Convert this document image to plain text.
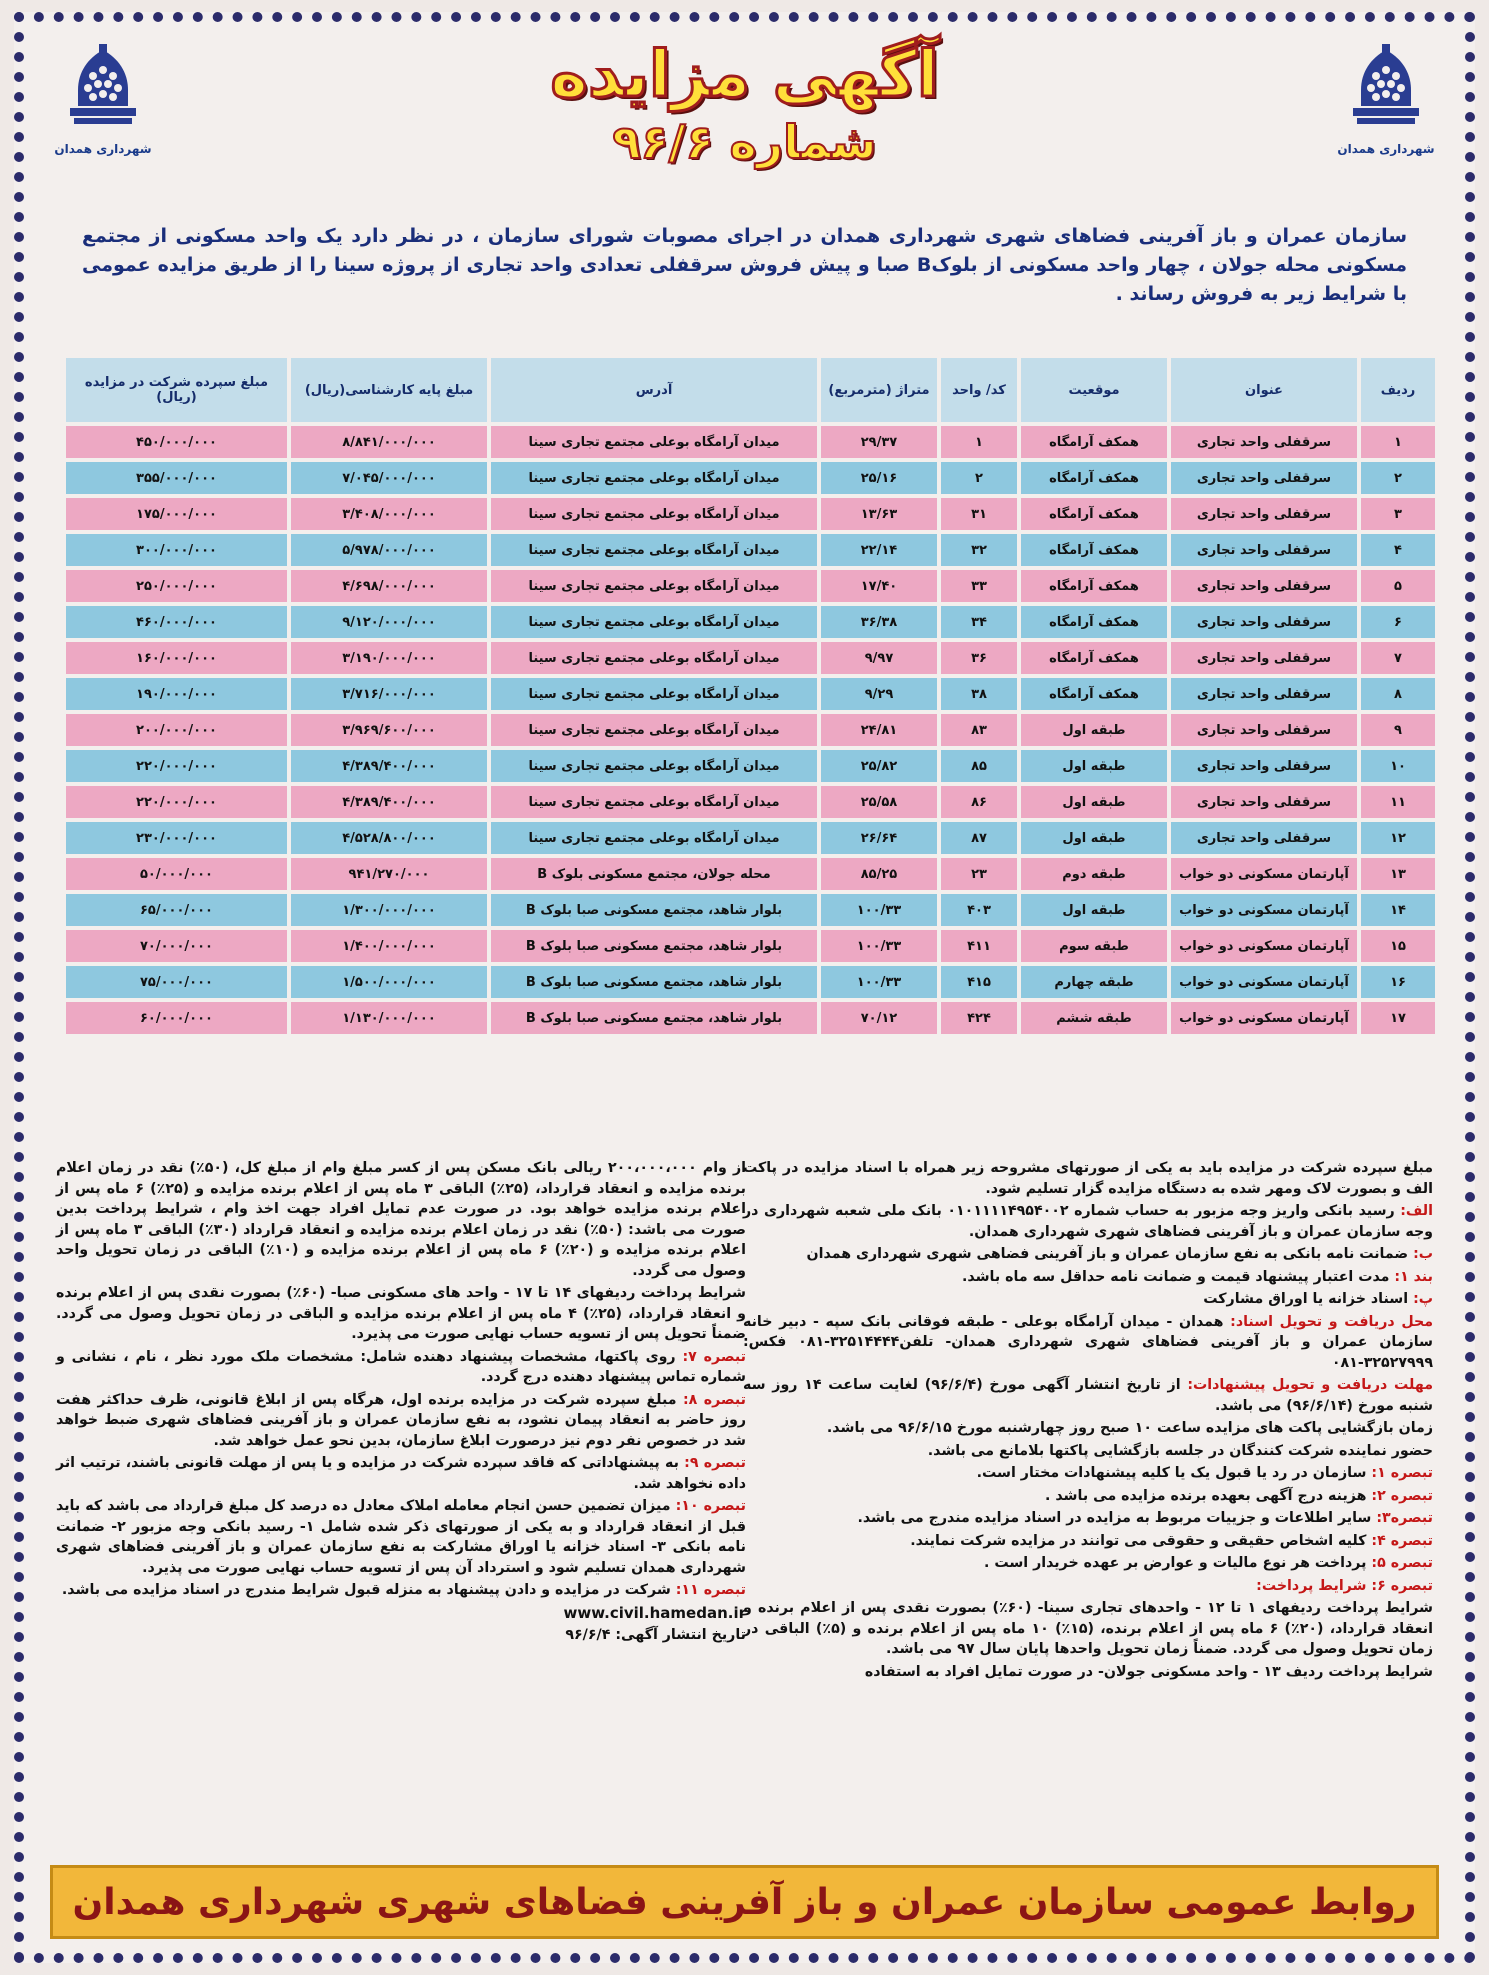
شهرداری همدان
شهرداری همدان
آگهی مزایده
شماره ۹۶/۶
سازمان عمران و باز آفرینی فضاهای شهری شهرداری همدان در اجرای مصوبات شورای سازمان ، در نظر دارد یک واحد مسکونی از مجتمع مسکونی محله جولان ، چهار واحد مسکونی از بلوکB صبا و پیش فروش سرقفلی تعدادی واحد تجاری از پروژه سینا را از طریق مزایده عمومی با شرایط زیر به فروش رساند .
ردیف	عنوان	موقعیت	کد/ واحد	متراژ (مترمربع)	آدرس	مبلغ پایه کارشناسی(ریال)	مبلغ سپرده شرکت در مزایده (ریال)
۱	سرقفلی واحد تجاری	همکف آرامگاه	۱	۲۹/۳۷	میدان آرامگاه بوعلی مجتمع تجاری سینا	۸/۸۴۱/۰۰۰/۰۰۰	۴۵۰/۰۰۰/۰۰۰
۲	سرقفلی واحد تجاری	همکف آرامگاه	۲	۲۵/۱۶	میدان آرامگاه بوعلی مجتمع تجاری سینا	۷/۰۴۵/۰۰۰/۰۰۰	۳۵۵/۰۰۰/۰۰۰
۳	سرقفلی واحد تجاری	همکف آرامگاه	۳۱	۱۳/۶۳	میدان آرامگاه بوعلی مجتمع تجاری سینا	۳/۴۰۸/۰۰۰/۰۰۰	۱۷۵/۰۰۰/۰۰۰
۴	سرقفلی واحد تجاری	همکف آرامگاه	۳۲	۲۲/۱۴	میدان آرامگاه بوعلی مجتمع تجاری سینا	۵/۹۷۸/۰۰۰/۰۰۰	۳۰۰/۰۰۰/۰۰۰
۵	سرقفلی واحد تجاری	همکف آرامگاه	۳۳	۱۷/۴۰	میدان آرامگاه بوعلی مجتمع تجاری سینا	۴/۶۹۸/۰۰۰/۰۰۰	۲۵۰/۰۰۰/۰۰۰
۶	سرقفلی واحد تجاری	همکف آرامگاه	۳۴	۳۶/۳۸	میدان آرامگاه بوعلی مجتمع تجاری سینا	۹/۱۲۰/۰۰۰/۰۰۰	۴۶۰/۰۰۰/۰۰۰
۷	سرقفلی واحد تجاری	همکف آرامگاه	۳۶	۹/۹۷	میدان آرامگاه بوعلی مجتمع تجاری سینا	۳/۱۹۰/۰۰۰/۰۰۰	۱۶۰/۰۰۰/۰۰۰
۸	سرقفلی واحد تجاری	همکف آرامگاه	۳۸	۹/۲۹	میدان آرامگاه بوعلی مجتمع تجاری سینا	۳/۷۱۶/۰۰۰/۰۰۰	۱۹۰/۰۰۰/۰۰۰
۹	سرقفلی واحد تجاری	طبقه اول	۸۳	۲۴/۸۱	میدان آرامگاه بوعلی مجتمع تجاری سینا	۳/۹۶۹/۶۰۰/۰۰۰	۲۰۰/۰۰۰/۰۰۰
۱۰	سرقفلی واحد تجاری	طبقه اول	۸۵	۲۵/۸۲	میدان آرامگاه بوعلی مجتمع تجاری سینا	۴/۳۸۹/۴۰۰/۰۰۰	۲۲۰/۰۰۰/۰۰۰
۱۱	سرقفلی واحد تجاری	طبقه اول	۸۶	۲۵/۵۸	میدان آرامگاه بوعلی مجتمع تجاری سینا	۴/۳۸۹/۴۰۰/۰۰۰	۲۲۰/۰۰۰/۰۰۰
۱۲	سرقفلی واحد تجاری	طبقه اول	۸۷	۲۶/۶۴	میدان آرامگاه بوعلی مجتمع تجاری سینا	۴/۵۲۸/۸۰۰/۰۰۰	۲۳۰/۰۰۰/۰۰۰
۱۳	آپارتمان مسکونی دو خواب	طبقه دوم	۲۳	۸۵/۲۵	محله جولان، مجتمع مسکونی بلوک B	۹۴۱/۲۷۰/۰۰۰	۵۰/۰۰۰/۰۰۰
۱۴	آپارتمان مسکونی دو خواب	طبقه اول	۴۰۳	۱۰۰/۳۳	بلوار شاهد، مجتمع مسکونی صبا بلوک B	۱/۳۰۰/۰۰۰/۰۰۰	۶۵/۰۰۰/۰۰۰
۱۵	آپارتمان مسکونی دو خواب	طبقه سوم	۴۱۱	۱۰۰/۳۳	بلوار شاهد، مجتمع مسکونی صبا بلوک B	۱/۴۰۰/۰۰۰/۰۰۰	۷۰/۰۰۰/۰۰۰
۱۶	آپارتمان مسکونی دو خواب	طبقه چهارم	۴۱۵	۱۰۰/۳۳	بلوار شاهد، مجتمع مسکونی صبا بلوک B	۱/۵۰۰/۰۰۰/۰۰۰	۷۵/۰۰۰/۰۰۰
۱۷	آپارتمان مسکونی دو خواب	طبقه ششم	۴۲۴	۷۰/۱۲	بلوار شاهد، مجتمع مسکونی صبا بلوک B	۱/۱۳۰/۰۰۰/۰۰۰	۶۰/۰۰۰/۰۰۰

مبلغ سپرده شرکت در مزایده باید به یکی از صورتهای مشروحه زیر همراه با اسناد مزایده در پاکت الف و بصورت لاک ومهر شده به دستگاه مزایده گزار تسلیم شود.

الف: رسید بانکی واریز وجه مزبور به حساب شماره ۰۱۰۱۱۱۱۴۹۵۴۰۰۲ بانک ملی شعبه شهرداری در وجه سازمان عمران و باز آفرینی فضاهای شهری شهرداری همدان.

ب: ضمانت نامه بانکی به نفع سازمان عمران و باز آفرینی فضاهی شهری شهرداری همدان

بند ۱: مدت اعتبار پیشنهاد قیمت و ضمانت نامه حداقل سه ماه باشد.

پ: اسناد خزانه یا اوراق مشارکت

محل دریافت و تحویل اسناد: همدان - میدان آرامگاه بوعلی - طبقه فوقانی بانک سپه - دبیر خانه سازمان عمران و باز آفرینی فضاهای شهری شهرداری همدان- تلفن۳۲۵۱۴۴۴۴-۰۸۱ فکس: ۳۲۵۲۷۹۹۹-۰۸۱

مهلت دریافت و تحویل پیشنهادات: از تاریخ انتشار آگهی مورخ (۹۶/۶/۴) لغایت ساعت ۱۴ روز سه شنبه مورخ (۹۶/۶/۱۴) می باشد.

زمان بازگشایی پاکت های مزایده ساعت ۱۰ صبح روز چهارشنبه مورخ ۹۶/۶/۱۵ می باشد.

حضور نماینده شرکت کنندگان در جلسه بازگشایی پاکتها بلامانع می باشد.

تبصره ۱: سازمان در رد یا قبول یک یا کلیه پیشنهادات مختار است.

تبصره ۲: هزینه درج آگهی بعهده برنده مزایده می باشد .

تبصره۳: سایر اطلاعات و جزییات مربوط به مزایده در اسناد مزایده مندرج می باشد.

تبصره ۴: کلیه اشخاص حقیقی و حقوقی می توانند در مزایده شرکت نمایند.

تبصره ۵: پرداخت هر نوع مالیات و عوارض بر عهده خریدار است .

تبصره ۶: شرایط پرداخت:

شرایط پرداخت ردیفهای ۱ تا ۱۲ - واحدهای تجاری سینا- (۶۰٪) بصورت نقدی پس از اعلام برنده و انعقاد قرارداد، (۲۰٪) ۶ ماه پس از اعلام برنده، (۱۵٪) ۱۰ ماه پس از اعلام برنده و (۵٪) الباقی در زمان تحویل وصول می گردد. ضمناً زمان تحویل واحدها پایان سال ۹۷ می باشد.

شرایط پرداخت ردیف ۱۳ - واحد مسکونی جولان- در صورت تمایل افراد به استفاده

از وام ۲۰۰،۰۰۰،۰۰۰ ریالی بانک مسکن پس از کسر مبلغ وام از مبلغ کل، (۵۰٪) نقد در زمان اعلام برنده مزایده و انعقاد قرارداد، (۲۵٪) الباقی ۳ ماه پس از اعلام برنده مزایده و (۲۵٪) ۶ ماه پس از اعلام برنده مزایده خواهد بود. در صورت عدم تمایل افراد جهت اخذ وام ، شرایط پرداخت بدین صورت می باشد: (۵۰٪) نقد در زمان اعلام برنده مزایده و انعقاد قرارداد (۳۰٪) الباقی ۳ ماه پس از اعلام برنده مزایده و (۲۰٪) ۶ ماه پس از اعلام برنده مزایده و (۱۰٪) الباقی در زمان تحویل واحد وصول می گردد.

شرایط پرداخت ردیفهای ۱۴ تا ۱۷ - واحد های مسکونی صبا- (۶۰٪) بصورت نقدی پس از اعلام برنده و انعقاد قرارداد، (۲۵٪) ۴ ماه پس از اعلام برنده مزایده و الباقی در زمان تحویل وصول می گردد. ضمناً تحویل پس از تسویه حساب نهایی صورت می پذیرد.

تبصره ۷: روی پاکتها، مشخصات پیشنهاد دهنده شامل: مشخصات ملک مورد نظر ، نام ، نشانی و شماره تماس پیشنهاد دهنده درج گردد.

تبصره ۸: مبلغ سپرده شرکت در مزایده برنده اول، هرگاه پس از ابلاغ قانونی، ظرف حداکثر هفت روز حاضر به انعقاد پیمان نشود، به نفع سازمان عمران و باز آفرینی فضاهای شهری ضبط خواهد شد در خصوص نفر دوم نیز درصورت ابلاغ سازمان، بدین نحو عمل خواهد شد.

تبصره ۹: به پیشنهاداتی که فاقد سپرده شرکت در مزایده و یا پس از مهلت قانونی باشند، ترتیب اثر داده نخواهد شد.

تبصره ۱۰: میزان تضمین حسن انجام معامله املاک معادل ده درصد کل مبلغ قرارداد می باشد که باید قبل از انعقاد قرارداد و به یکی از صورتهای ذکر شده شامل ۱- رسید بانکی وجه مزبور ۲- ضمانت نامه بانکی ۳- اسناد خزانه یا اوراق مشارکت به نفع سازمان عمران و باز آفرینی فضاهای شهری شهرداری همدان تسلیم شود و استرداد آن پس از تسویه حساب نهایی صورت می پذیرد.

تبصره ۱۱: شرکت در مزایده و دادن پیشنهاد به منزله قبول شرایط مندرج در اسناد مزایده می باشد.

www.civil.hamedan.ir

تاریخ انتشار آگهی: ۹۶/۶/۴

روابط عمومی سازمان عمران و باز آفرینی فضاهای شهری شهرداری همدان
